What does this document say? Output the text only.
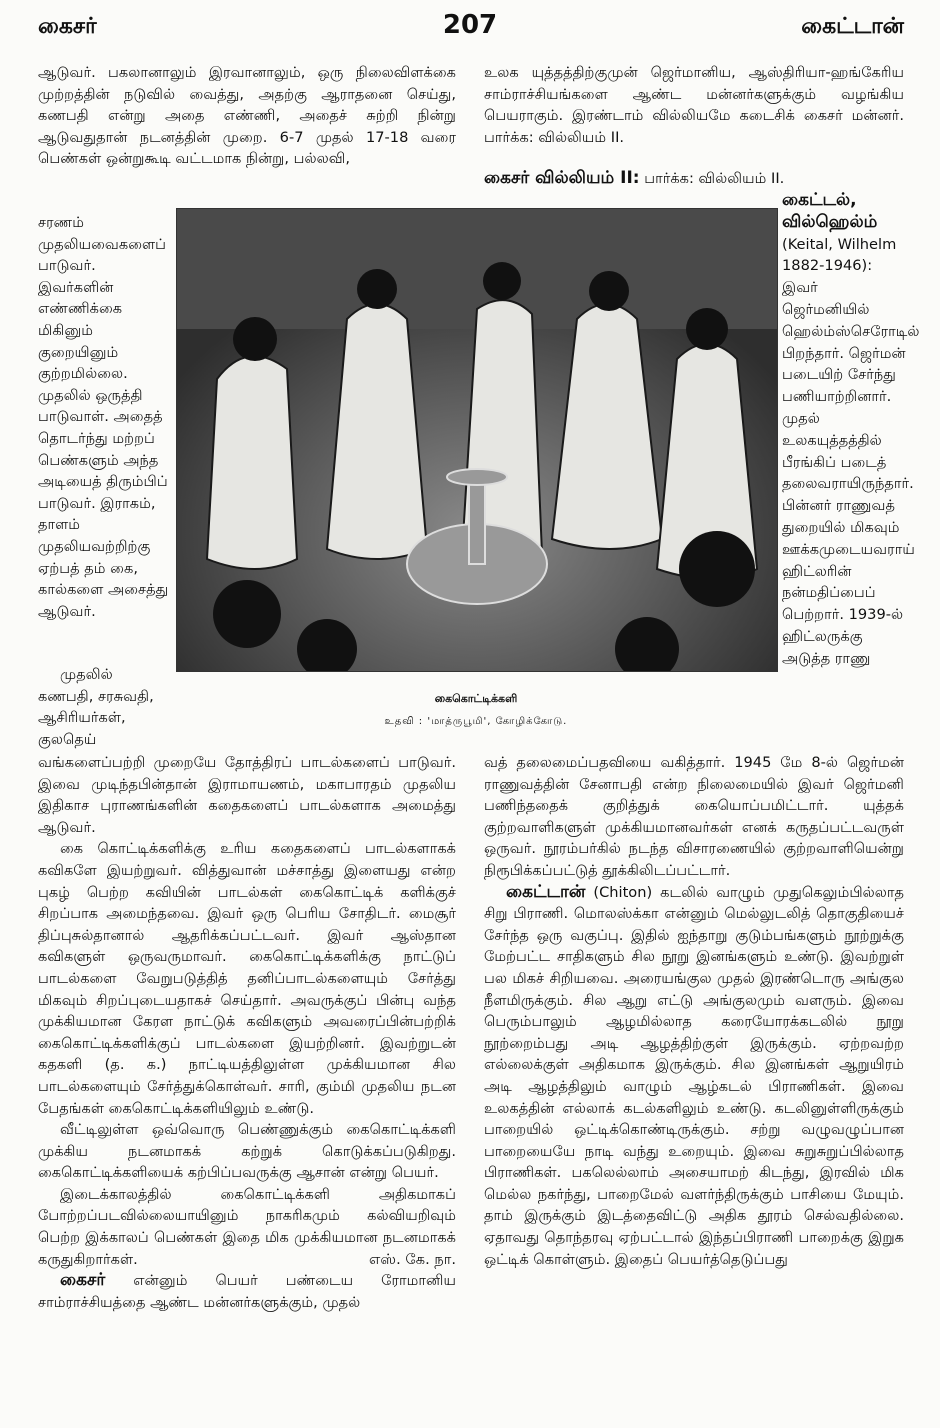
கைசர்	207	கைட்டான்

ஆடுவர். பகலானாலும் இரவானாலும், ஒரு நிலைவிளக்கை முற்றத்தின் நடுவில் வைத்து, அதற்கு ஆராதனை செய்து, கணபதி என்று அதை எண்ணி, அதைச் சுற்றி நின்று ஆடுவதுதான் நடனத்தின் முறை. 6-7 முதல் 17-18 வரை பெண்கள் ஒன்றுகூடி வட்டமாக நின்று, பல்லவி,

உலக யுத்தத்திற்குமுன் ஜெர்மானிய, ஆஸ்திரியா-ஹங்கேரிய சாம்ராச்சியங்களை ஆண்ட மன்னர்களுக்கும் வழங்கிய பெயராகும். இரண்டாம் வில்லியமே கடைசிக் கைசர் மன்னர். பார்க்க: வில்லியம் II.

கைசர் வில்லியம் II: பார்க்க: வில்லியம் II.

சரணம் முதலியவைகளைப் பாடுவர். இவர்களின் எண்ணிக்கை மிகினும் குறையினும் குற்றமில்லை. முதலில் ஒருத்தி பாடுவாள். அதைத் தொடர்ந்து மற்றப் பெண்களும் அந்த அடியைத் திரும்பிப் பாடுவர். இராகம், தாளம் முதலியவற்றிற்கு ஏற்பத் தம் கை, கால்களை அசைத்து ஆடுவர்.

முதலில் கணபதி, சரசுவதி, ஆசிரியர்கள், குலதெய்

கைட்டல், வில்ஹெல்ம் (Keital, Wilhelm 1882-1946): இவர் ஜெர்மனியில் ஹெல்ம்ஸ்செரோடில் பிறந்தார். ஜெர்மன் படையிற் சேர்ந்து பணியாற்றினார். முதல் உலகயுத்தத்தில் பீரங்கிப் படைத் தலைவராயிருந்தார். பின்னர் ராணுவத் துறையில் மிகவும் ஊக்கமுடையவராய் ஹிட்லரின் நன்மதிப்பைப் பெற்றார். 1939-ல் ஹிட்லருக்கு அடுத்த ராணு

கைகொட்டிக்களி
உதவி : 'மாத்ருபூமி', கோழிக்கோடு.

வங்களைப்பற்றி முறையே தோத்திரப் பாடல்களைப் பாடுவர். இவை முடிந்தபின்தான் இராமாயணம், மகாபாரதம் முதலிய இதிகாச புராணங்களின் கதைகளைப் பாடல்களாக அமைத்து ஆடுவர்.

கை கொட்டிக்களிக்கு உரிய கதைகளைப் பாடல்களாகக் கவிகளே இயற்றுவர். வித்துவான் மச்சாத்து இளையது என்ற புகழ் பெற்ற கவியின் பாடல்கள் கைகொட்டிக் களிக்குச் சிறப்பாக அமைந்தவை. இவர் ஒரு பெரிய சோதிடர். மைசூர் திப்புசுல்தானால் ஆதரிக்கப்பட்டவர். இவர் ஆஸ்தான கவிகளுள் ஒருவருமாவர். கைகொட்டிக்களிக்கு நாட்டுப் பாடல்களை வேறுபடுத்தித் தனிப்பாடல்களையும் சேர்த்து மிகவும் சிறப்புடையதாகச் செய்தார். அவருக்குப் பின்பு வந்த முக்கியமான கேரள நாட்டுக் கவிகளும் அவரைப்பின்பற்றிக் கைகொட்டிக்களிக்குப் பாடல்களை இயற்றினர். இவற்றுடன் கதகளி (த. க.) நாட்டியத்திலுள்ள முக்கியமான சில பாடல்களையும் சேர்த்துக்கொள்வர். சாரி, கும்மி முதலிய நடன பேதங்கள் கைகொட்டிக்களியிலும் உண்டு.

வீட்டிலுள்ள ஒவ்வொரு பெண்ணுக்கும் கைகொட்டிக்களி முக்கிய நடனமாகக் கற்றுக் கொடுக்கப்படுகிறது. கைகொட்டிக்களியைக் கற்பிப்பவருக்கு ஆசான் என்று பெயர்.

இடைக்காலத்தில் கைகொட்டிக்களி அதிகமாகப் போற்றப்படவில்லையாயினும் நாகரிகமும் கல்வியறிவும் பெற்ற இக்காலப் பெண்கள் இதை மிக முக்கியமான நடனமாகக் கருதுகிறார்கள்.	எஸ். கே. நா.

கைசர் என்னும் பெயர் பண்டைய ரோமானிய சாம்ராச்சியத்தை ஆண்ட மன்னர்களுக்கும், முதல்

வத் தலைமைப்பதவியை வகித்தார். 1945 மே 8-ல் ஜெர்மன் ராணுவத்தின் சேனாபதி என்ற நிலைமையில் இவர் ஜெர்மனி பணிந்ததைக் குறித்துக் கையொப்பமிட்டார். யுத்தக் குற்றவாளிகளுள் முக்கியமானவர்கள் எனக் கருதப்பட்டவருள் ஒருவர். நூரம்பர்கில் நடந்த விசாரணையில் குற்றவாளியென்று நிரூபிக்கப்பட்டுத் தூக்கிலிடப்பட்டார்.

கைட்டான் (Chiton) கடலில் வாழும் முதுகெலும்பில்லாத சிறு பிராணி. மொலஸ்க்கா என்னும் மெல்லுடலித் தொகுதியைச் சேர்ந்த ஒரு வகுப்பு. இதில் ஐந்தாறு குடும்பங்களும் நூற்றுக்கு மேற்பட்ட சாதிகளும் சில நூறு இனங்களும் உண்டு. இவற்றுள் பல மிகச் சிறியவை. அரையங்குல முதல் இரண்டொரு அங்குல நீளமிருக்கும். சில ஆறு எட்டு அங்குலமும் வளரும். இவை பெரும்பாலும் ஆழமில்லாத கரையோரக்கடலில் நூறு நூற்றைம்பது அடி ஆழத்திற்குள் இருக்கும். ஏற்றவற்ற எல்லைக்குள் அதிகமாக இருக்கும். சில இனங்கள் ஆறுயிரம் அடி ஆழத்திலும் வாழும் ஆழ்கடல் பிராணிகள். இவை உலகத்தின் எல்லாக் கடல்களிலும் உண்டு. கடலினுள்ளிருக்கும் பாறையில் ஒட்டிக்கொண்டிருக்கும். சற்று வழுவழுப்பான பாறையையே நாடி வந்து உறையும். இவை சுறுசுறுப்பில்லாத பிராணிகள். பகலெல்லாம் அசையாமற் கிடந்து, இரவில் மிக மெல்ல நகர்ந்து, பாறைமேல் வளர்ந்திருக்கும் பாசியை மேயும். தாம் இருக்கும் இடத்தைவிட்டு அதிக தூரம் செல்வதில்லை. ஏதாவது தொந்தரவு ஏற்பட்டால் இந்தப்பிராணி பாறைக்கு இறுக ஒட்டிக் கொள்ளும். இதைப் பெயர்த்தெடுப்பது
